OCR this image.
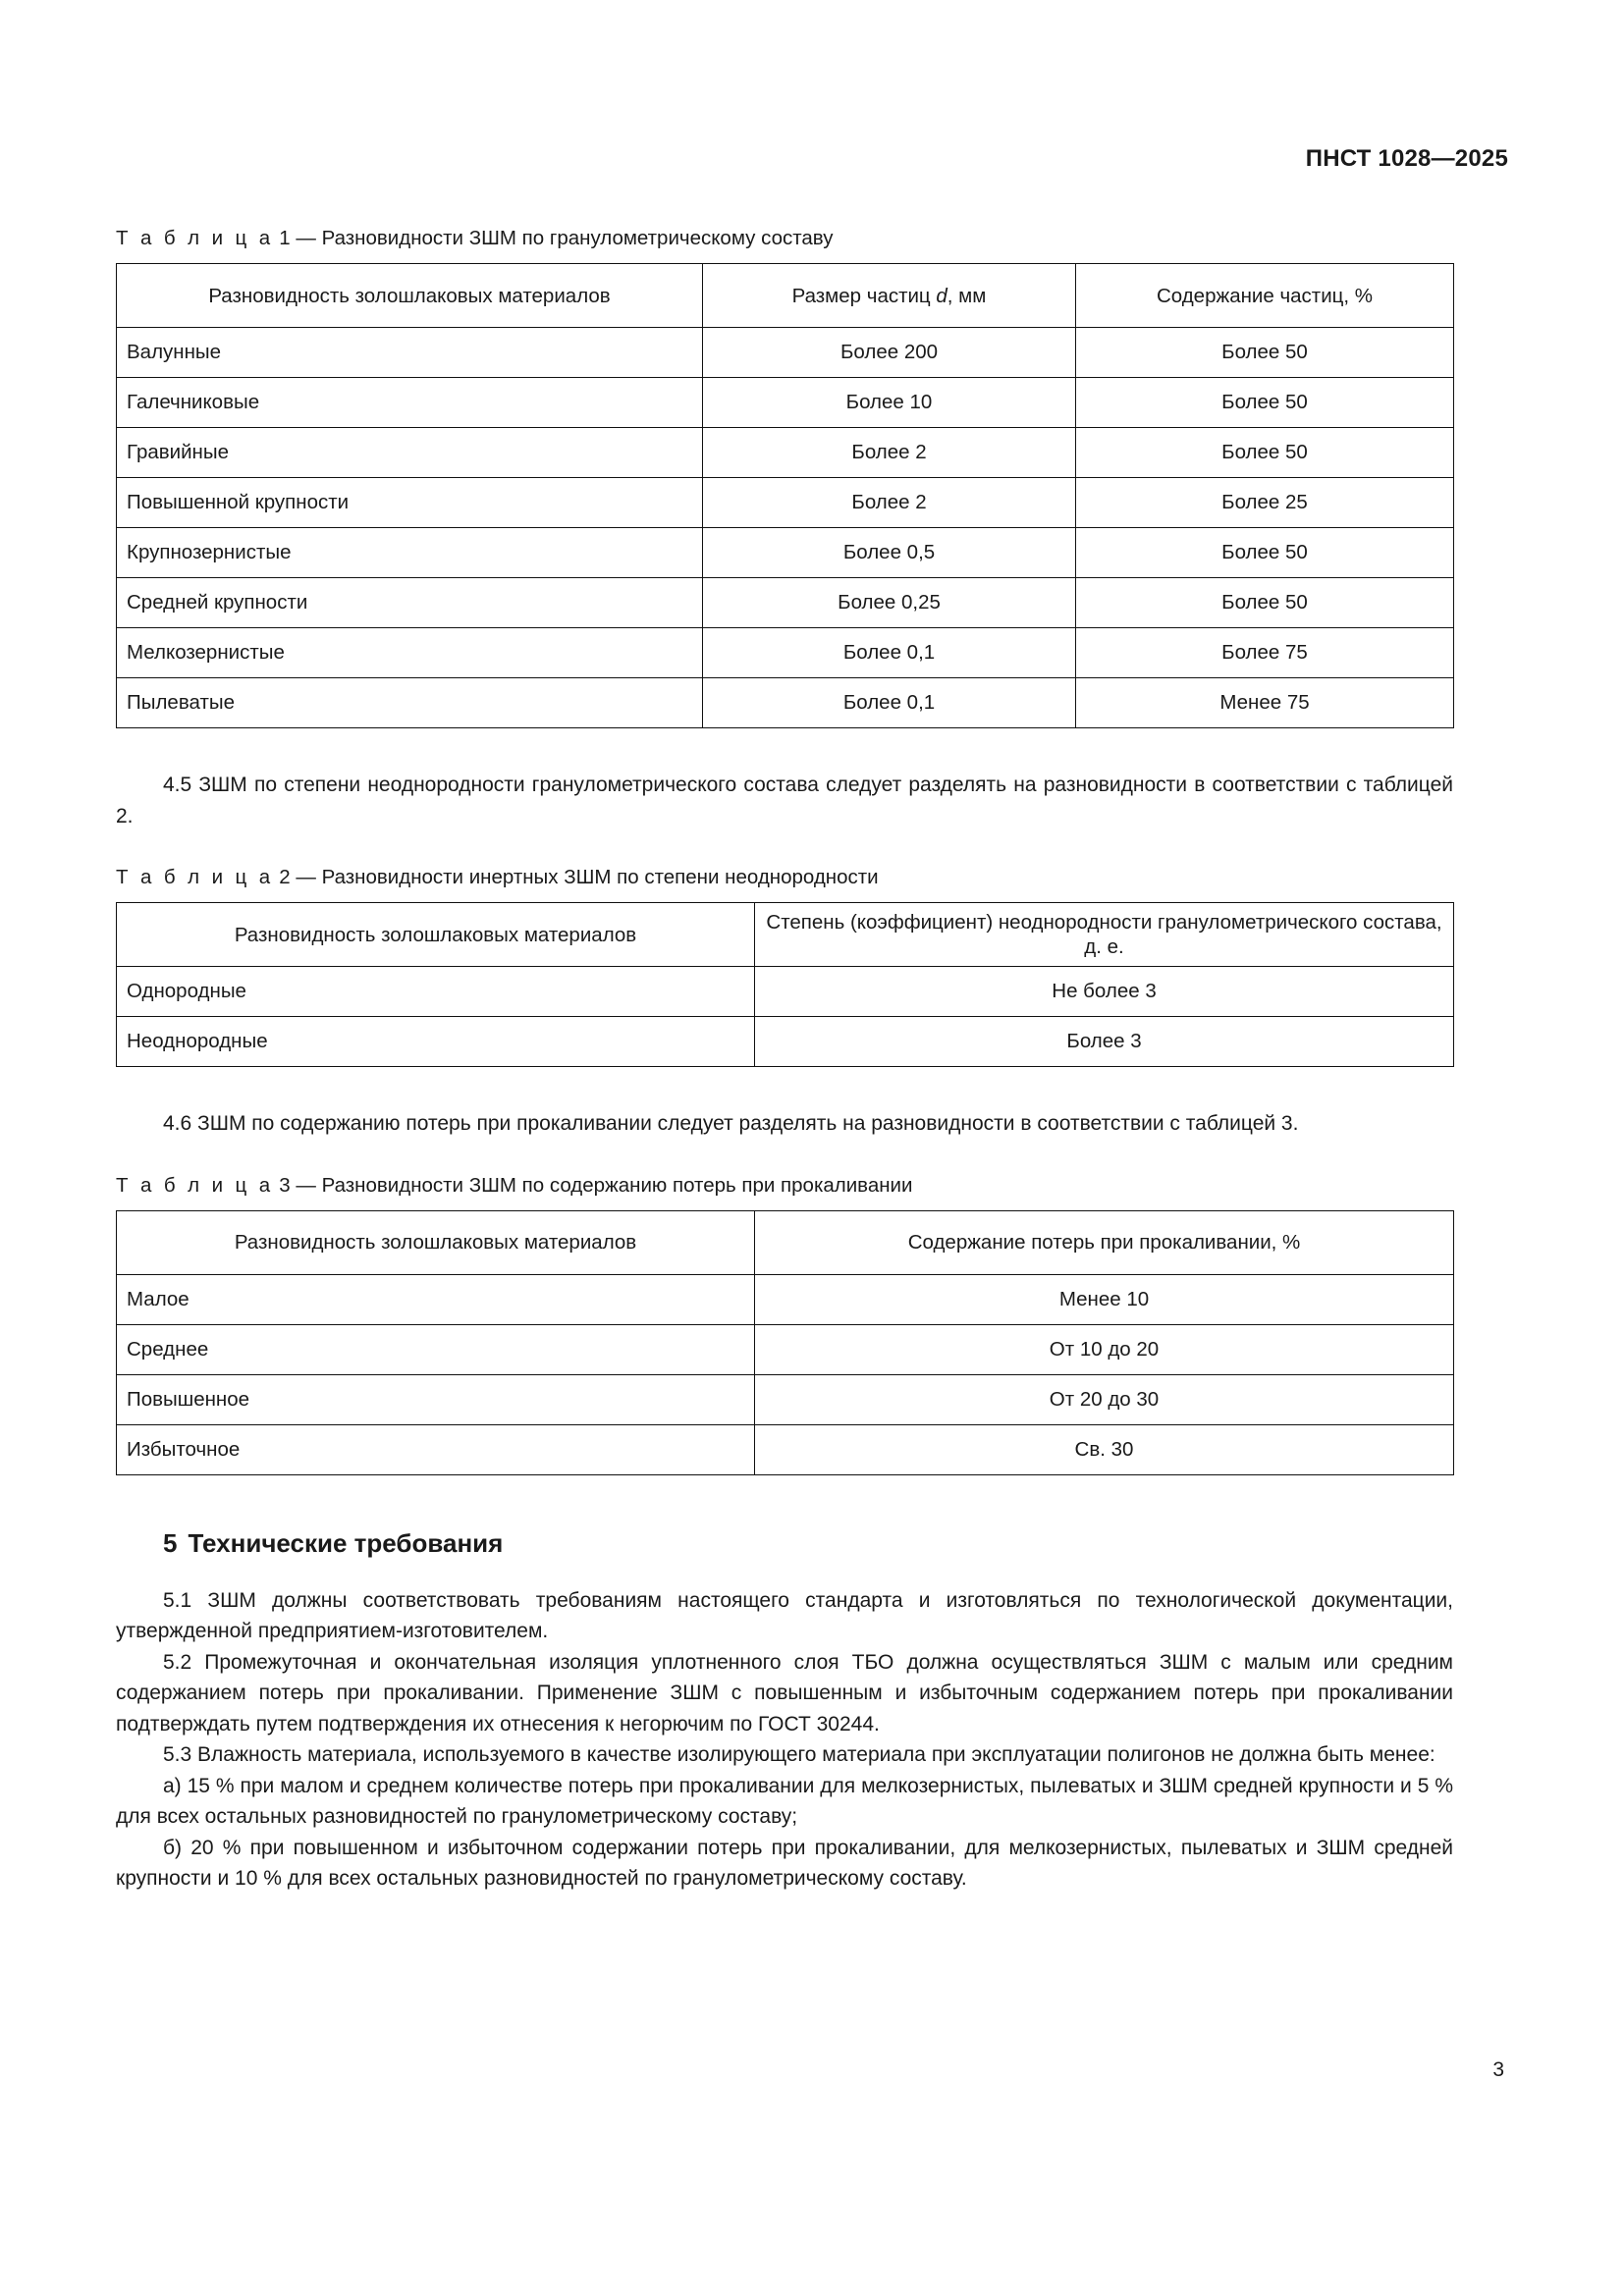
ПНСТ 1028—2025
Т а б л и ц а 1 — Разновидности ЗШМ по гранулометрическому составу
Разновидность золошлаковых материалов	Размер частиц d, мм	Содержание частиц, %
Валунные	Более 200	Более 50
Галечниковые	Более 10	Более 50
Гравийные	Более 2	Более 50
Повышенной крупности	Более 2	Более 25
Крупнозернистые	Более 0,5	Более 50
Средней крупности	Более 0,25	Более 50
Мелкозернистые	Более 0,1	Более 75
Пылеватые	Более 0,1	Менее 75

4.5 ЗШМ по степени неоднородности гранулометрического состава следует разделять на разновидности в соответствии с таблицей 2.

Т а б л и ц а 2 — Разновидности инертных ЗШМ по степени неоднородности
Разновидность золошлаковых материалов	Степень (коэффициент) неоднородности гранулометрического состава, д. е.
Однородные	Не более 3
Неоднородные	Более 3

4.6 ЗШМ по содержанию потерь при прокаливании следует разделять на разновидности в соответствии с таблицей 3.

Т а б л и ц а 3 — Разновидности ЗШМ по содержанию потерь при прокаливании
Разновидность золошлаковых материалов	Содержание потерь при прокаливании, %
Малое	Менее 10
Среднее	От 10 до 20
Повышенное	От 20 до 30
Избыточное	Св. 30
5 Технические требования

5.1 ЗШМ должны соответствовать требованиям настоящего стандарта и изготовляться по технологической документации, утвержденной предприятием-изготовителем.

5.2 Промежуточная и окончательная изоляция уплотненного слоя ТБО должна осуществляться ЗШМ с малым или средним содержанием потерь при прокаливании. Применение ЗШМ с повышенным и избыточным содержанием потерь при прокаливании подтверждать путем подтверждения их отнесения к негорючим по ГОСТ 30244.

5.3 Влажность материала, используемого в качестве изолирующего материала при эксплуатации полигонов не должна быть менее:

а) 15 % при малом и среднем количестве потерь при прокаливании для мелкозернистых, пылеватых и ЗШМ средней крупности и 5 % для всех остальных разновидностей по гранулометрическому составу;

б) 20 % при повышенном и избыточном содержании потерь при прокаливании, для мелкозернистых, пылеватых и ЗШМ средней крупности и 10 % для всех остальных разновидностей по гранулометрическому составу.

3
